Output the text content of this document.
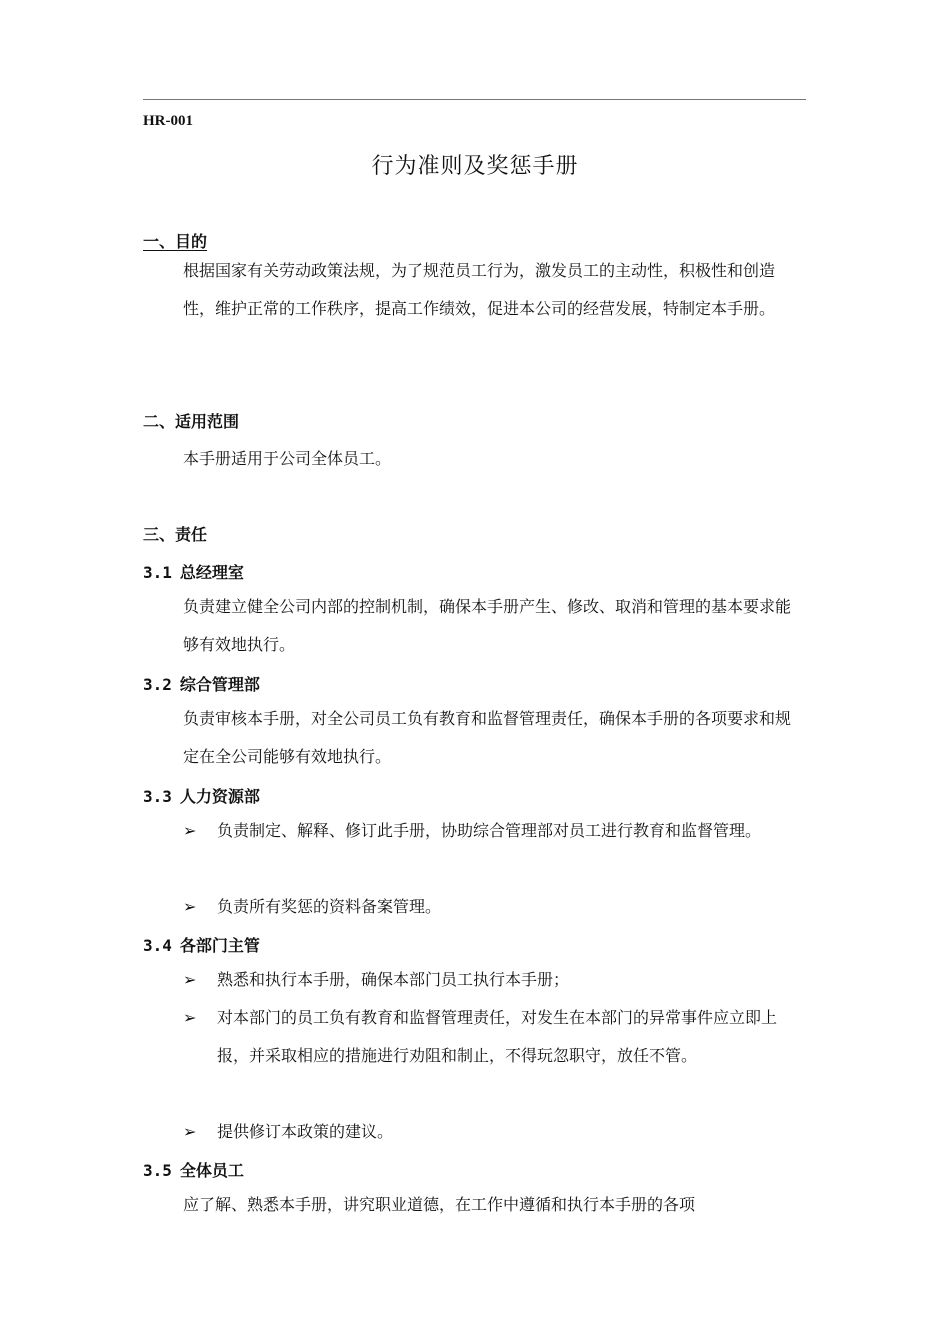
HR-001
行为准则及奖惩手册
一、目的
根据国家有关劳动政策法规，为了规范员工行为，激发员工的主动性，积极性和创造性，维护正常的工作秩序，提高工作绩效，促进本公司的经营发展，特制定本手册。
二、适用范围
本手册适用于公司全体员工。
三、责任
3.1 总经理室
负责建立健全公司内部的控制机制，确保本手册产生、修改、取消和管理的基本要求能够有效地执行。
3.2 综合管理部
负责审核本手册，对全公司员工负有教育和监督管理责任，确保本手册的各项要求和规定在全公司能够有效地执行。
3.3 人力资源部
➢	负责制定、解释、修订此手册，协助综合管理部对员工进行教育和监督管理。
➢	负责所有奖惩的资料备案管理。
3.4 各部门主管
➢	熟悉和执行本手册，确保本部门员工执行本手册；
➢	对本部门的员工负有教育和监督管理责任，对发生在本部门的异常事件应立即上报，并采取相应的措施进行劝阻和制止，不得玩忽职守，放任不管。
➢	提供修订本政策的建议。
3.5 全体员工
应了解、熟悉本手册，讲究职业道德，在工作中遵循和执行本手册的各项
